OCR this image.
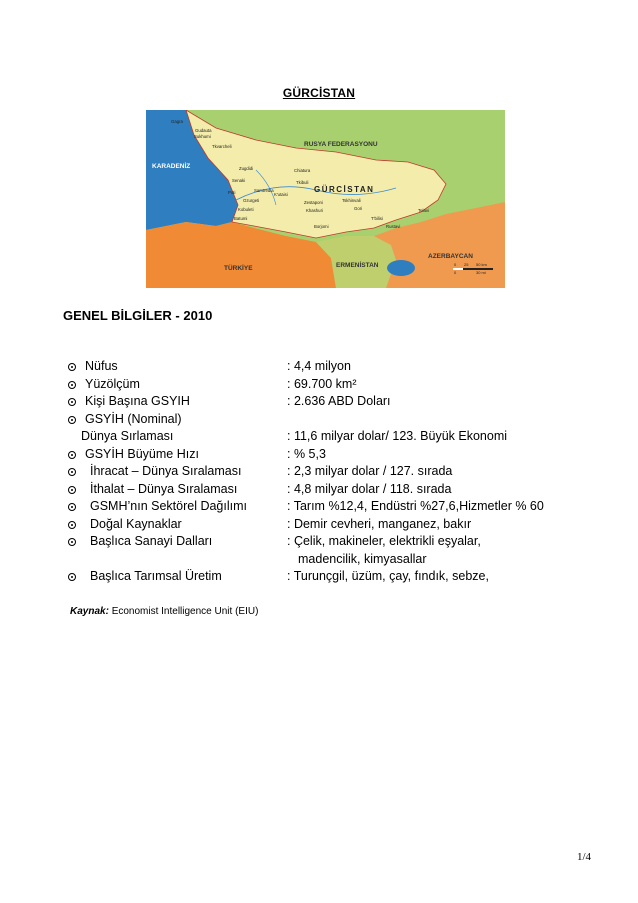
GÜRCİSTAN
RUSYA FEDERASYONU
KARADENİZ
TÜRKİYE	ERMENİSTAN
AZERBAYCAN
GÜRCİSTAN
Gagra
Gudauta
Sukhumi
Tkvarcheli
Zugdidi
Senaki
Poti
Ozurgeti
Kobuleti
Batumi
Samtredia
Chiatura
K'utaisi
Tkibuli
Zestaponi
Khashuri	Gori
Borjomi
Tskhinvali
T'bilisi
Rustavi
Telavi
0 25 50 km
0	30 mi
GENEL BİLGİLER - 2010
Nüfus	: 4,4 milyon
Yüzölçüm	: 69.700 km²
Kişi Başına GSYIH	: 2.636 ABD Doları
GSYİH (Nominal)
Dünya Sırlaması	: 11,6 milyar dolar/ 123. Büyük Ekonomi
GSYİH Büyüme Hızı	: % 5,3
İhracat – Dünya Sıralaması	: 2,3 milyar dolar / 127. sırada
İthalat – Dünya Sıralaması	: 4,8 milyar dolar / 118. sırada
GSMH’nın Sektörel Dağılımı	: Tarım %12,4, Endüstri %27,6,Hizmetler % 60
Doğal Kaynaklar	: Demir cevheri, manganez, bakır
Başlıca Sanayi Dalları	: Çelik, makineler, elektrikli eşyalar,
madencilik, kimyasallar
Başlıca Tarımsal Üretim	: Turunçgil, üzüm, çay, fındık, sebze,
Kaynak: Economist Intelligence Unit (EIU)
1/4
